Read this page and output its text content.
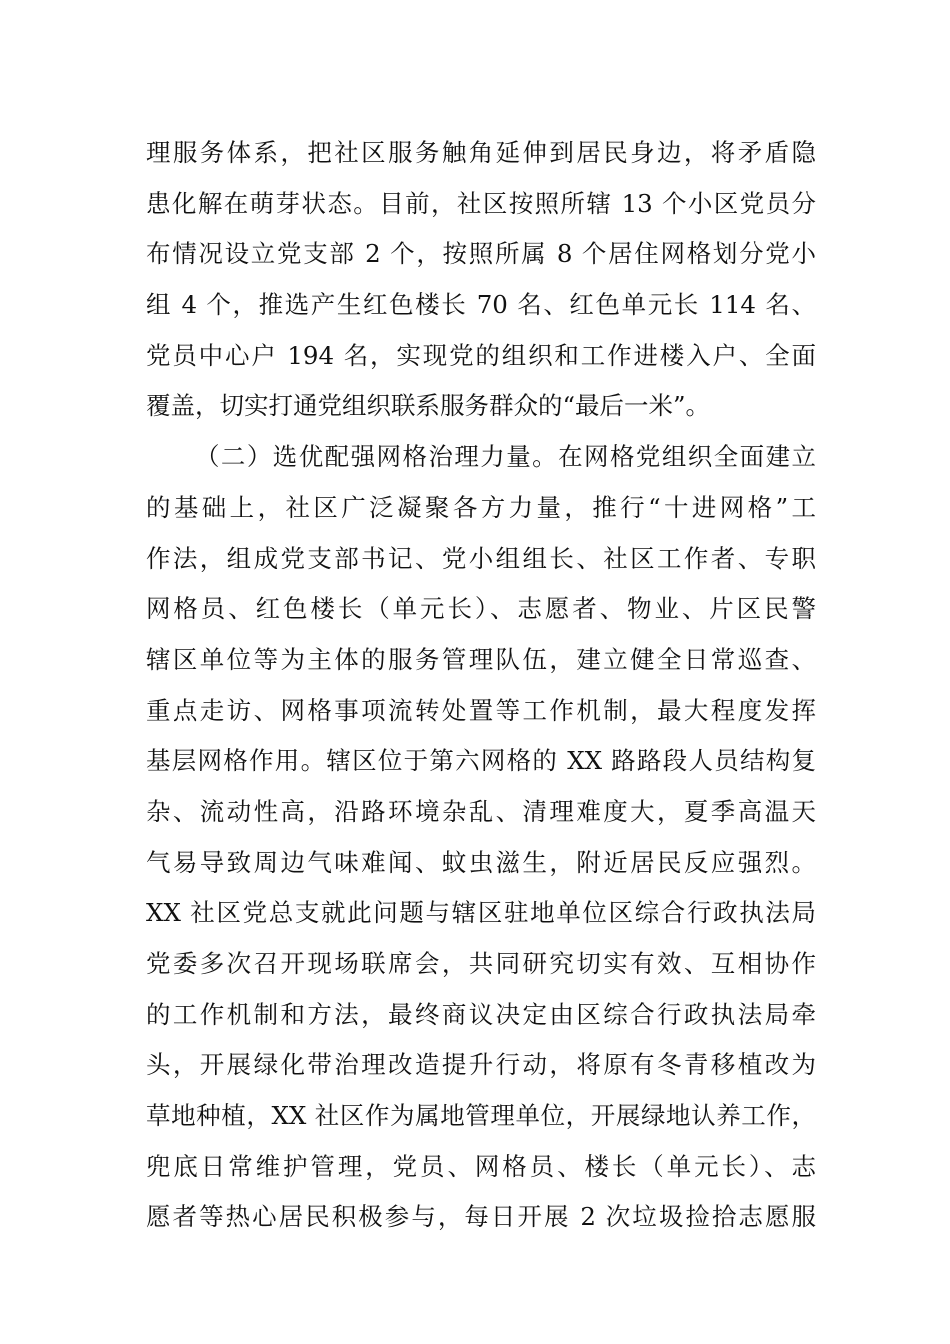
理服务体系，把社区服务触角延伸到居民身边，将矛盾隐
患化解在萌芽状态。目前，社区按照所辖 13 个小区党员分
布情况设立党支部 2 个，按照所属 8 个居住网格划分党小
组 4 个，推选产生红色楼长 70 名、红色单元长 114 名、
党员中心户 194 名，实现党的组织和工作进楼入户、全面
覆盖，切实打通党组织联系服务群众的“最后一米”。
（二）选优配强网格治理力量。在网格党组织全面建立
的基础上，社区广泛凝聚各方力量，推行“十进网格”工
作法，组成党支部书记、党小组组长、社区工作者、专职
网格员、红色楼长（单元长）、志愿者、物业、片区民警
辖区单位等为主体的服务管理队伍，建立健全日常巡查、
重点走访、网格事项流转处置等工作机制，最大程度发挥
基层网格作用。辖区位于第六网格的 XX 路路段人员结构复
杂、流动性高，沿路环境杂乱、清理难度大，夏季高温天
气易导致周边气味难闻、蚊虫滋生，附近居民反应强烈。
XX 社区党总支就此问题与辖区驻地单位区综合行政执法局
党委多次召开现场联席会，共同研究切实有效、互相协作
的工作机制和方法，最终商议决定由区综合行政执法局牵
头，开展绿化带治理改造提升行动，将原有冬青移植改为
草地种植，XX 社区作为属地管理单位，开展绿地认养工作，
兜底日常维护管理，党员、网格员、楼长（单元长）、志
愿者等热心居民积极参与，每日开展 2 次垃圾捡拾志愿服
